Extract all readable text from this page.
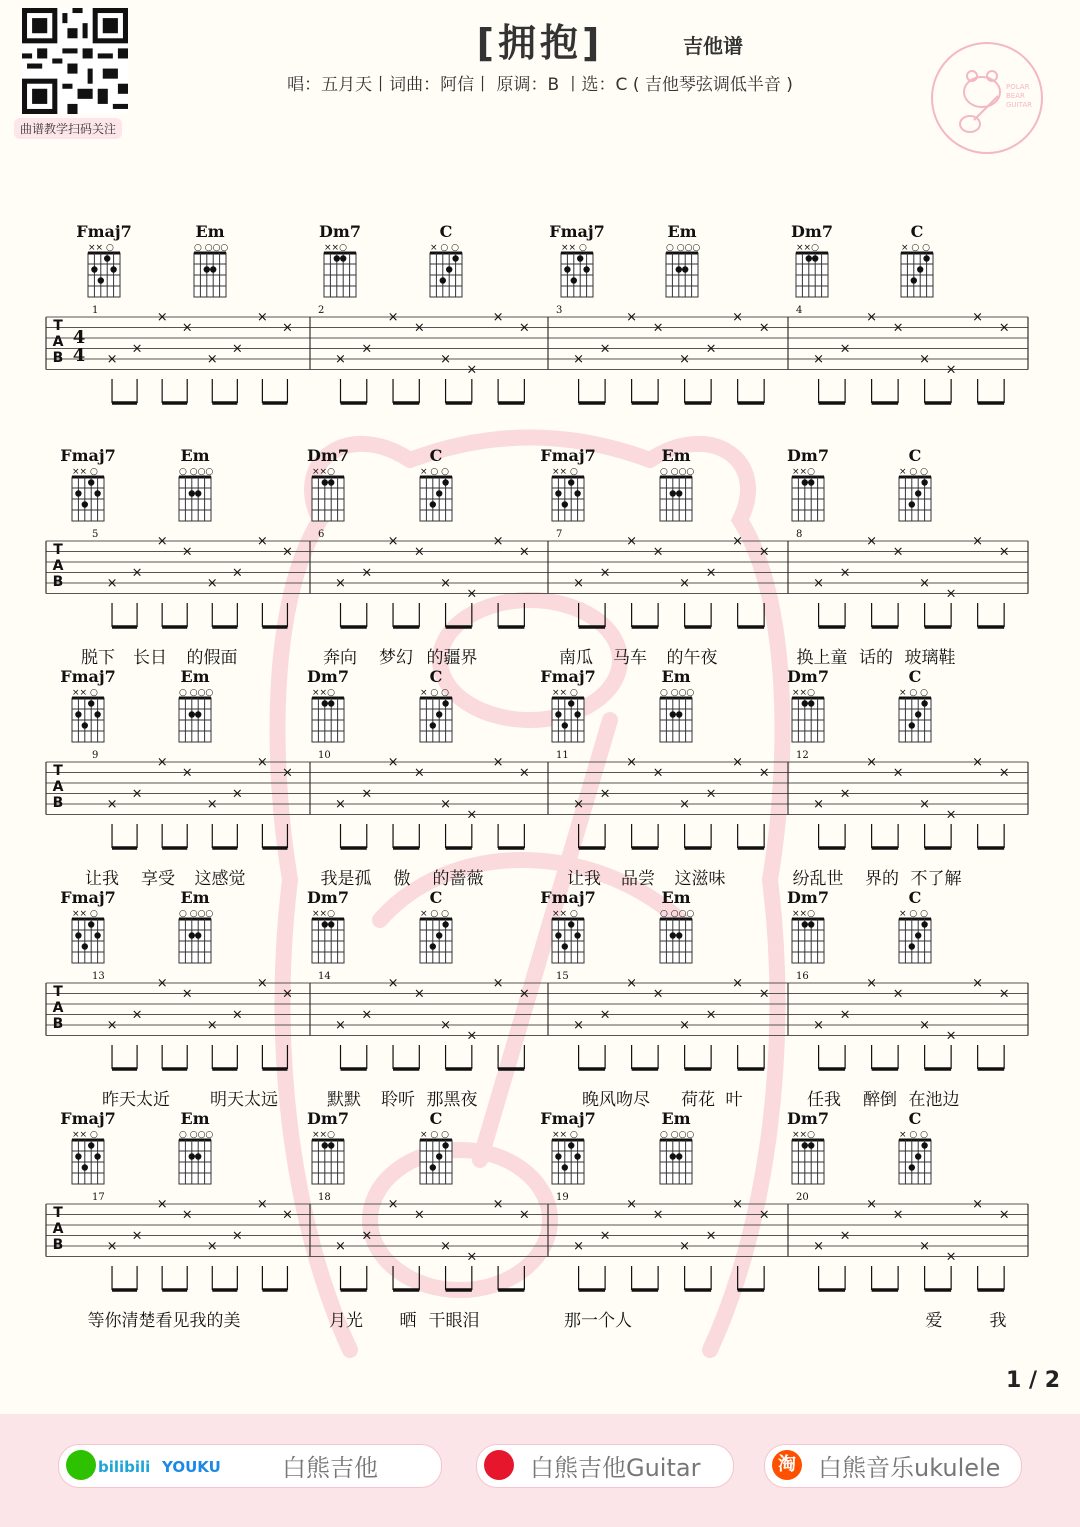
曲谱教学扫码关注
[拥抱]	吉他谱
唱：五月天丨词曲：阿信丨 原调：B 丨选：C ( 吉他琴弦调低半音 )	POLAR
BEAR
GUITAR
Fmaj7
×× ○
Em
○ ○○○
Dm7
××○
C
× ○ ○
Fmaj7
×× ○
Em
○ ○○○
Dm7
××○
C
× ○ ○
T
A
B
4
4
1	2	3	4
×
×
×
×
×
×
×
×
×
×
×
×
×
×
×
×
×
×
×
×
×
×
×
×
×
×
×
×
×
×
×
×
Fmaj7
×× ○
Em
○ ○○○
Dm7
××○
C
× ○ ○
Fmaj7
×× ○
Em
○ ○○○
Dm7
××○
C
× ○ ○
T
A
B
5	6	7	8
×
×
×
×
×
×
×
×
×
×
×
×
×
×
×
×
×
×
×
×
×
×
×
×
×
×
×
×
×
×
×
×
脱下 长日 的假面	奔向 梦幻 的疆界	南瓜 马车 的午夜	换上童 话的 玻璃鞋
Fmaj7
×× ○
Em
○ ○○○
Dm7
××○
C
× ○ ○
Fmaj7
×× ○
Em
○ ○○○
Dm7
××○
C
× ○ ○
T
A
B
9	10	11	12
×
×
×
×
×
×
×
×
×
×
×
×
×
×
×
×
×
×
×
×
×
×
×
×
×
×
×
×
×
×
×
×
让我 享受 这感觉	我是孤 傲 的蔷薇	让我 品尝 这滋味	纷乱世 界的 不了解
Fmaj7
×× ○
Em
○ ○○○
Dm7
××○
C
× ○ ○
Fmaj7
×× ○
Em
○ ○○○
Dm7
××○
C
× ○ ○
T
A
B
13	14	15	16
×
×
×
×
×
×
×
×
×
×
×
×
×
×
×
×
×
×
×
×
×
×
×
×
×
×
×
×
×
×
×
×
昨天太近 明天太远	默默 聆听 那黑夜	晚风吻尽 荷花 叶	任我 醉倒 在池边
Fmaj7
×× ○
Em
○ ○○○
Dm7
××○
C
× ○ ○
Fmaj7
×× ○
Em
○ ○○○
Dm7
××○
C
× ○ ○
T
A
B
17	18	19	20
×
×
×
×
×
×
×
×
×
×
×
×
×
×
×
×
×
×
×
×
×
×
×
×
×
×
×
×
×
×
×
×
等你清楚看见我的美	月光 晒 干眼泪	那一个人	爱	我
1 / 2
bilibili YOUKU	白熊吉他	白熊吉他Guitar	淘 白熊音乐ukulele
